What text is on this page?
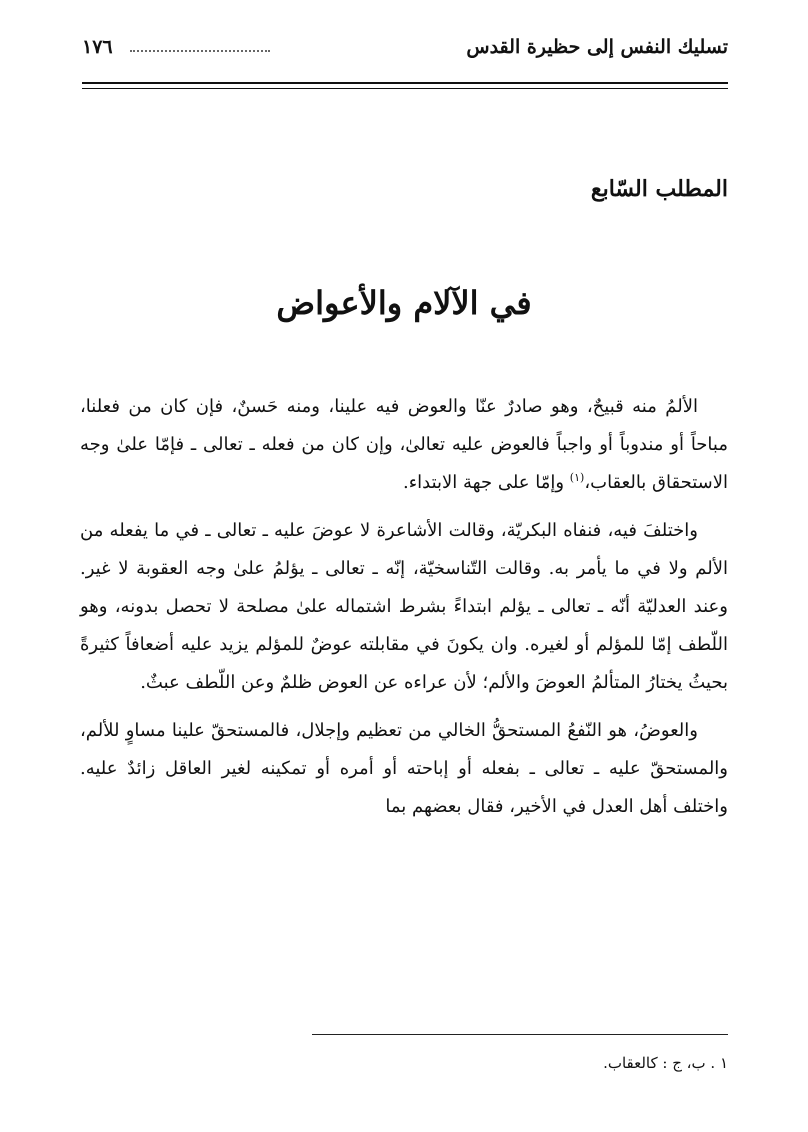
تسليك النفس إلى حظيرة القدس
١٧٦
المطلب السّابع
في الآلام والأعواض

الألمُ منه قبيحٌ، وهو صادرٌ عنّا والعوض فيه علينا، ومنه حَسنٌ، فإن كان من فعلنا، مباحاً أو مندوباً أو واجباً فالعوض عليه تعالىٰ، وإن كان من فعله ـ تعالى ـ فإمّا علىٰ وجه الاستحقاق بالعقاب،$^{(١)}$ وإمّا على جهة الابتداء.

واختلفَ فيه، فنفاه البكريّة، وقالت الأشاعرة لا عوضَ عليه ـ تعالى ـ في ما يفعله من الألم ولا في ما يأمر به. وقالت التّناسخيّة، إنّه ـ تعالى ـ يؤلمُ علىٰ وجه العقوبة لا غير. وعند العدليّة أنّه ـ تعالى ـ يؤلم ابتداءً بشرط اشتماله علىٰ مصلحة لا تحصل بدونه، وهو اللّطف إمّا للمؤلم أو لغيره. وان يكونَ في مقابلته عوضٌ للمؤلم يزيد عليه أضعافاً كثيرةً بحيثُ يختارُ المتألمُ العوضَ والألم؛ لأن عراءه عن العوض ظلمٌ وعن اللّطف عبثٌ.

والعوضُ، هو النّفعُ المستحقُّ الخالي من تعظيم وإجلال، فالمستحقّ علينا مساوٍ للألم، والمستحقّ عليه ـ تعالى ـ بفعله أو إباحته أو أمره أو تمكينه لغير العاقل زائدٌ عليه. واختلف أهل العدل في الأخير، فقال بعضهم بما

١ . ب، ج : كالعقاب.
